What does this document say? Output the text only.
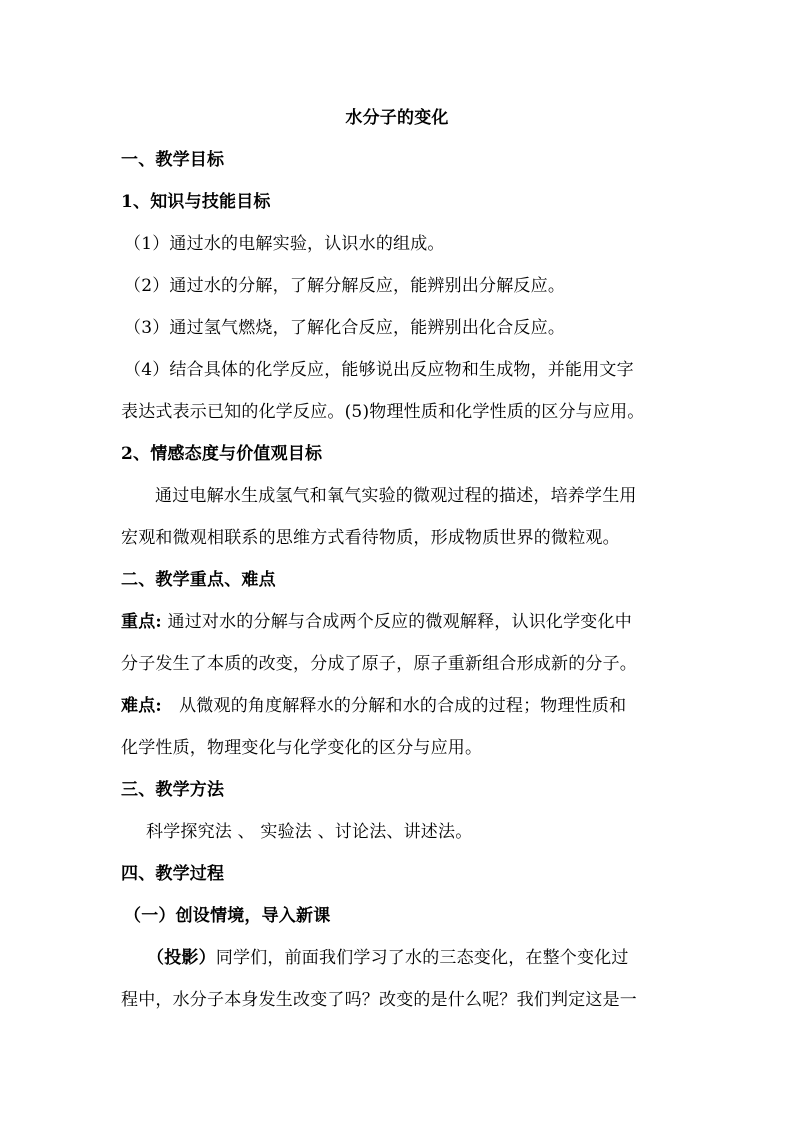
水分子的变化

一、教学目标

1、知识与技能目标

（1）通过水的电解实验，认识水的组成。

（2）通过水的分解，了解分解反应，能辨别出分解反应。

（3）通过氢气燃烧，了解化合反应，能辨别出化合反应。

（4）结合具体的化学反应，能够说出反应物和生成物，并能用文字

表达式表示已知的化学反应。(5)物理性质和化学性质的区分与应用。

2、情感态度与价值观目标

通过电解水生成氢气和氧气实验的微观过程的描述，培养学生用

宏观和微观相联系的思维方式看待物质，形成物质世界的微粒观。

二、教学重点、难点

重点: 通过对水的分解与合成两个反应的微观解释，认识化学变化中

分子发生了本质的改变，分成了原子，原子重新组合形成新的分子。

难点:　从微观的角度解释水的分解和水的合成的过程；物理性质和

化学性质，物理变化与化学变化的区分与应用。

三、教学方法

科学探究法 、 实验法 、讨论法、讲述法。

四、教学过程

（一）创设情境，导入新课

（投影）同学们，前面我们学习了水的三态变化，在整个变化过

程中，水分子本身发生改变了吗？改变的是什么呢？我们判定这是一
